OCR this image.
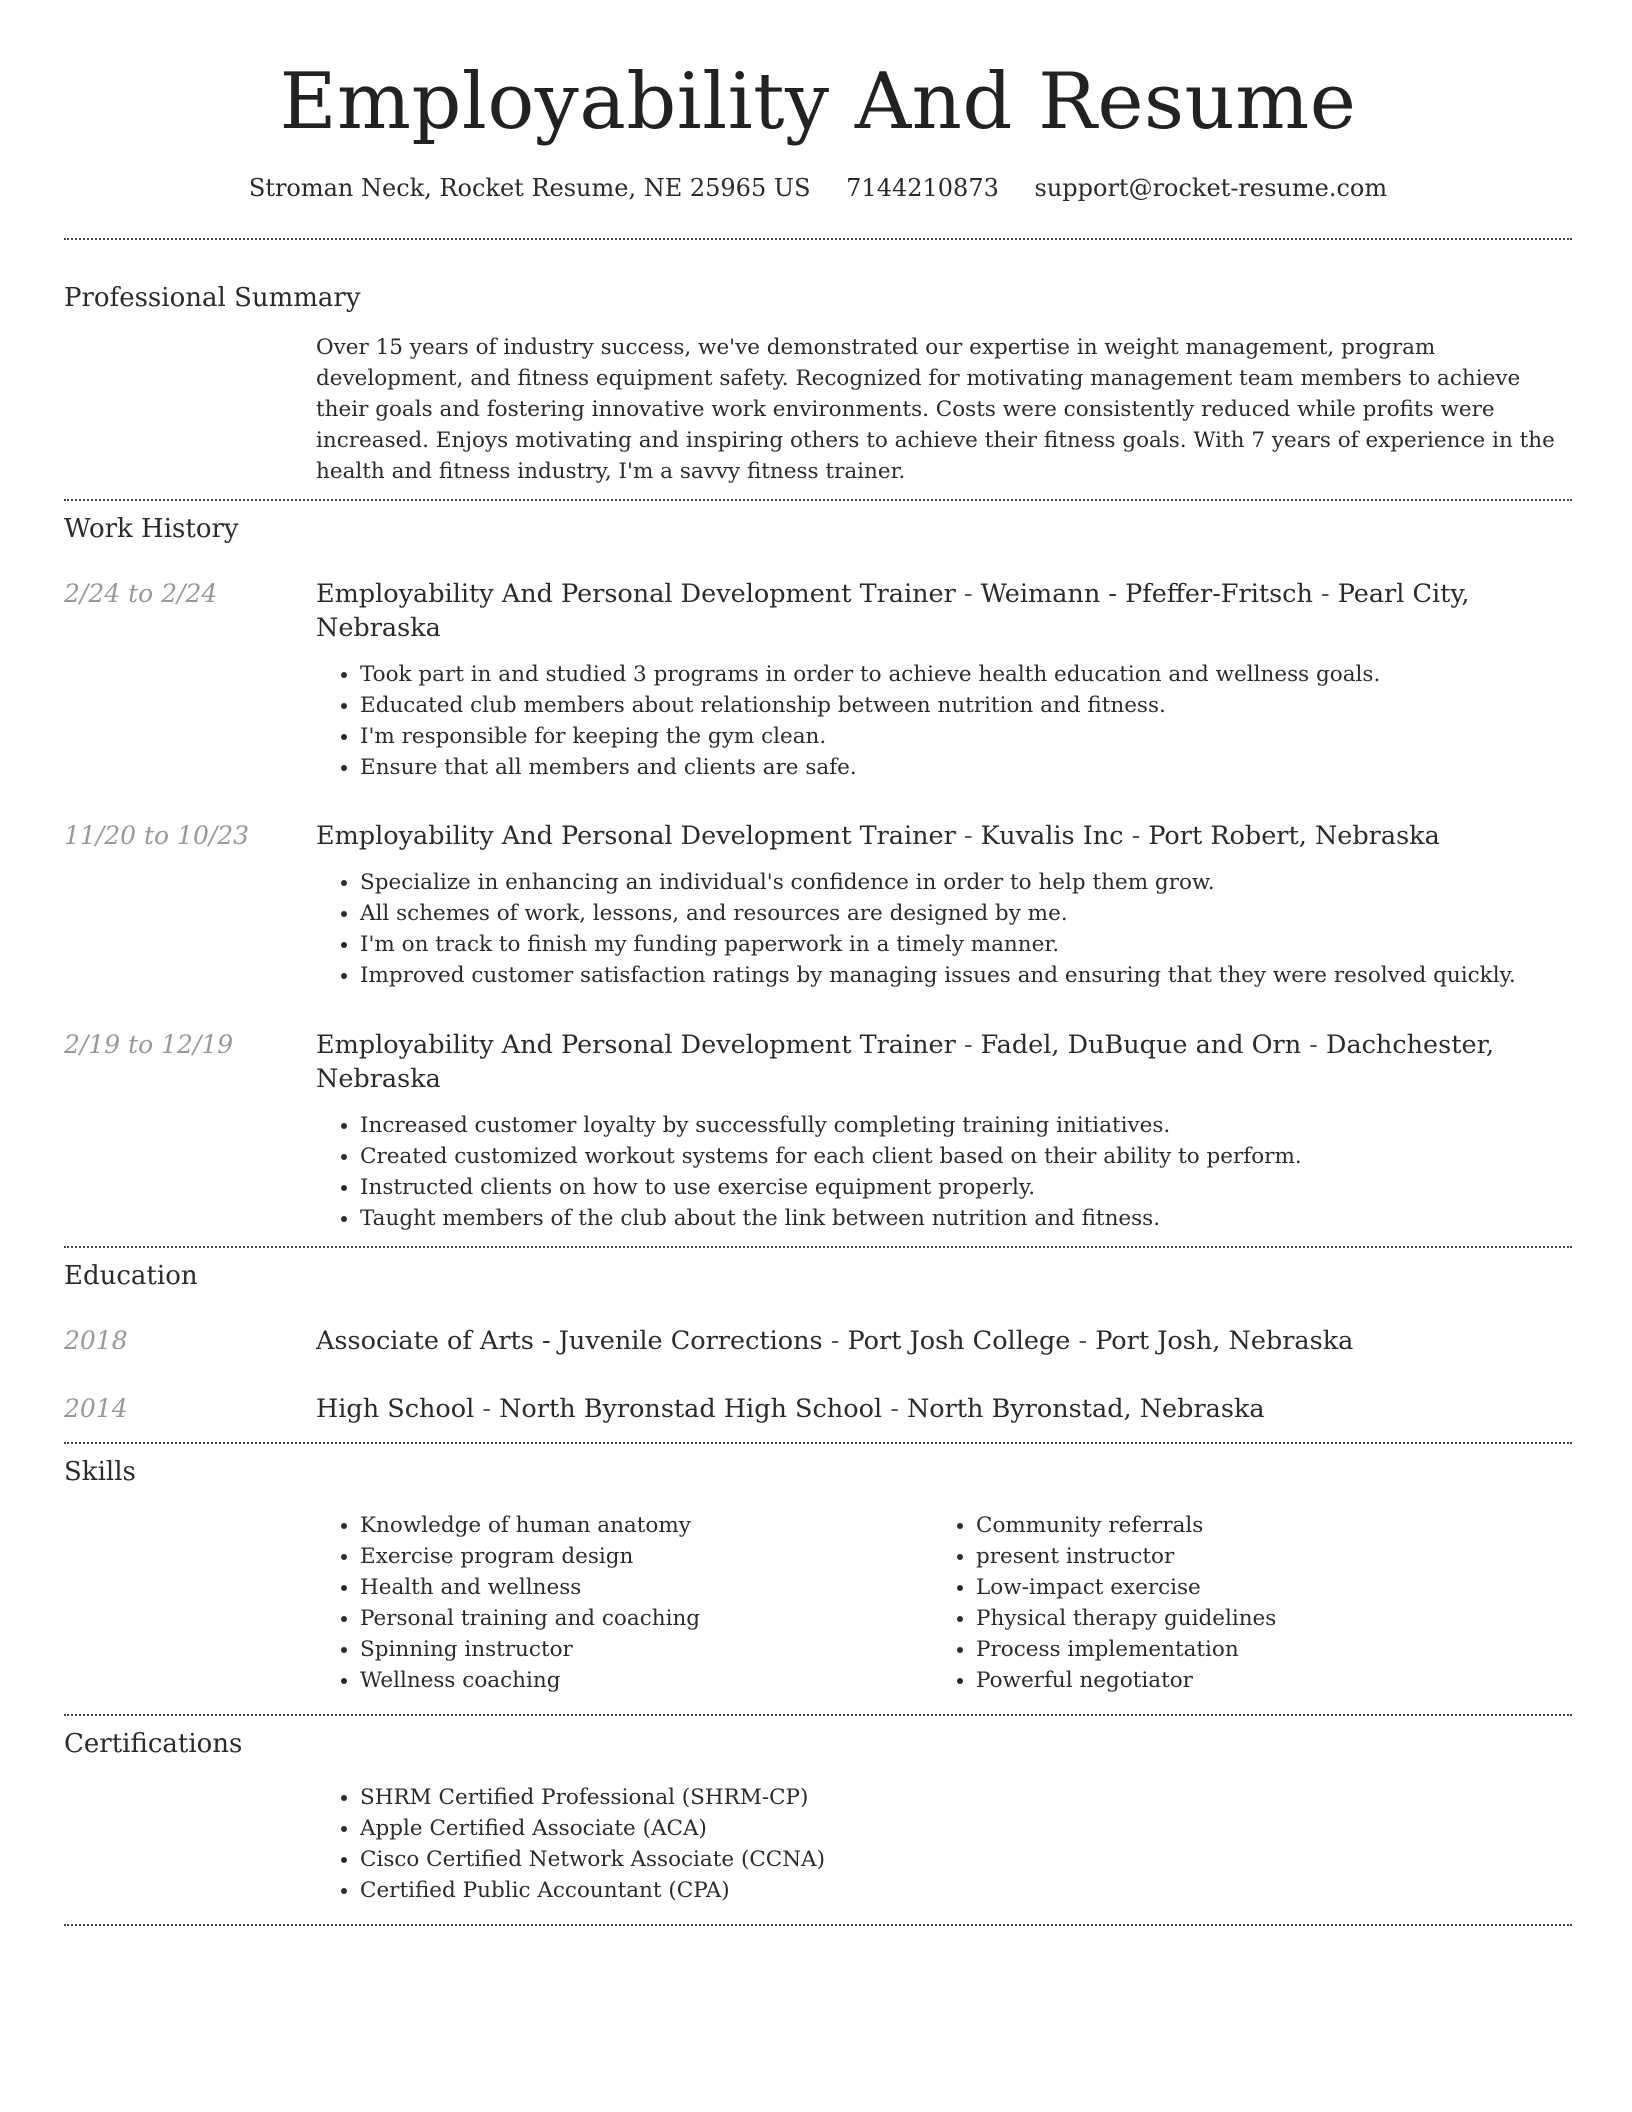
Employability And Resume
Stroman Neck, Rocket Resume, NE 25965 US 7144210873 support@rocket-resume.com
Professional Summary
Over 15 years of industry success, we've demonstrated our expertise in weight management, program development, and fitness equipment safety. Recognized for motivating management team members to achieve their goals and fostering innovative work environments. Costs were consistently reduced while profits were increased. Enjoys motivating and inspiring others to achieve their fitness goals. With 7 years of experience in the health and fitness industry, I'm a savvy fitness trainer.
Work History
2/24 to 2/24	Employability And Personal Development Trainer - Weimann - Pfeffer-Fritsch - Pearl City, Nebraska
• Took part in and studied 3 programs in order to achieve health education and wellness goals.
• Educated club members about relationship between nutrition and fitness.
• I'm responsible for keeping the gym clean.
• Ensure that all members and clients are safe.
11/20 to 10/23	Employability And Personal Development Trainer - Kuvalis Inc - Port Robert, Nebraska
• Specialize in enhancing an individual's confidence in order to help them grow.
• All schemes of work, lessons, and resources are designed by me.
• I'm on track to finish my funding paperwork in a timely manner.
• Improved customer satisfaction ratings by managing issues and ensuring that they were resolved quickly.
2/19 to 12/19	Employability And Personal Development Trainer - Fadel, DuBuque and Orn - Dachchester, Nebraska
• Increased customer loyalty by successfully completing training initiatives.
• Created customized workout systems for each client based on their ability to perform.
• Instructed clients on how to use exercise equipment properly.
• Taught members of the club about the link between nutrition and fitness.
Education
2018	Associate of Arts - Juvenile Corrections - Port Josh College - Port Josh, Nebraska
2014	High School - North Byronstad High School - North Byronstad, Nebraska
Skills
• Knowledge of human anatomy
• Exercise program design
• Health and wellness
• Personal training and coaching
• Spinning instructor
• Wellness coaching
• Community referrals
• present instructor
• Low-impact exercise
• Physical therapy guidelines
• Process implementation
• Powerful negotiator
Certifications
• SHRM Certified Professional (SHRM-CP)
• Apple Certified Associate (ACA)
• Cisco Certified Network Associate (CCNA)
• Certified Public Accountant (CPA)
